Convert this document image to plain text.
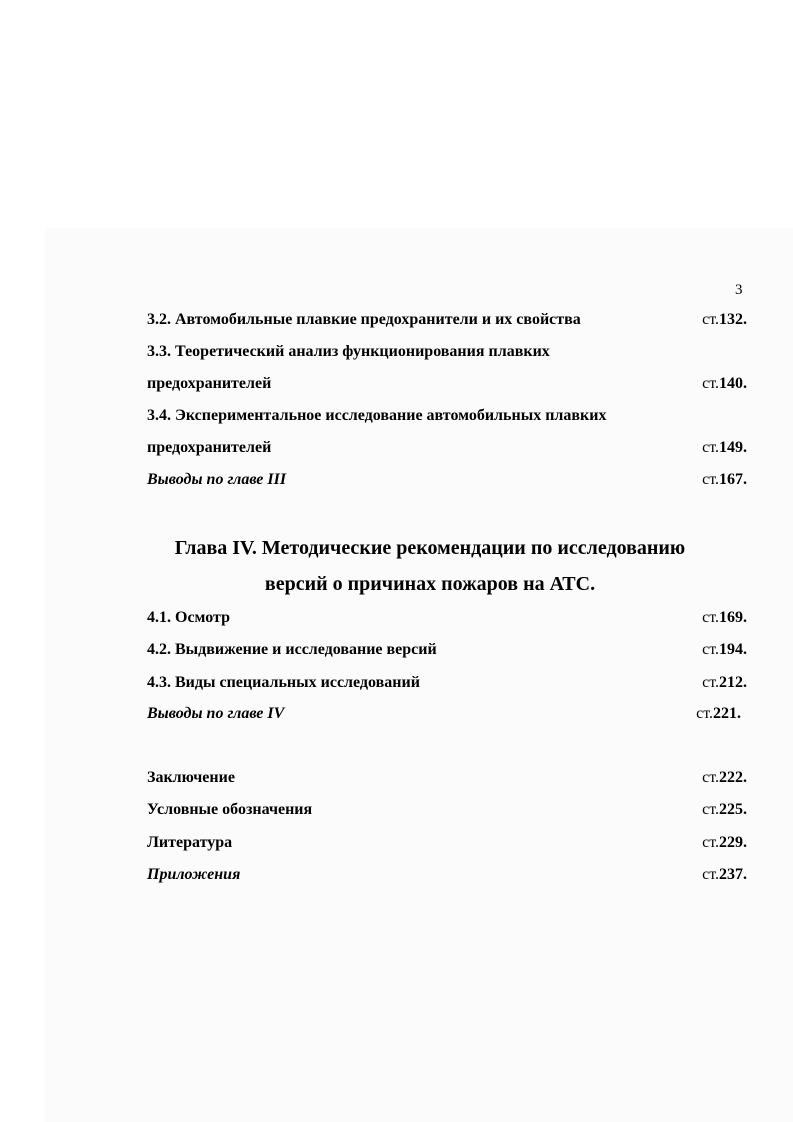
3
3.2. Автомобильные плавкие предохранители и их свойства	ст.132.
3.3. Теоретический анализ функционирования плавких
предохранителей	ст.140.
3.4. Экспериментальное исследование автомобильных плавких
предохранителей	ст.149.
Выводы по главе III	ст.167.
Глава IV. Методические рекомендации по исследованию
версий о причинах пожаров на АТС.
4.1. Осмотр	ст.169.
4.2. Выдвижение и исследование версий	ст.194.
4.3. Виды специальных исследований	ст.212.
Выводы по главе IV	ст.221.
Заключение	ст.222.
Условные обозначения	ст.225.
Литература	ст.229.
Приложения	ст.237.
